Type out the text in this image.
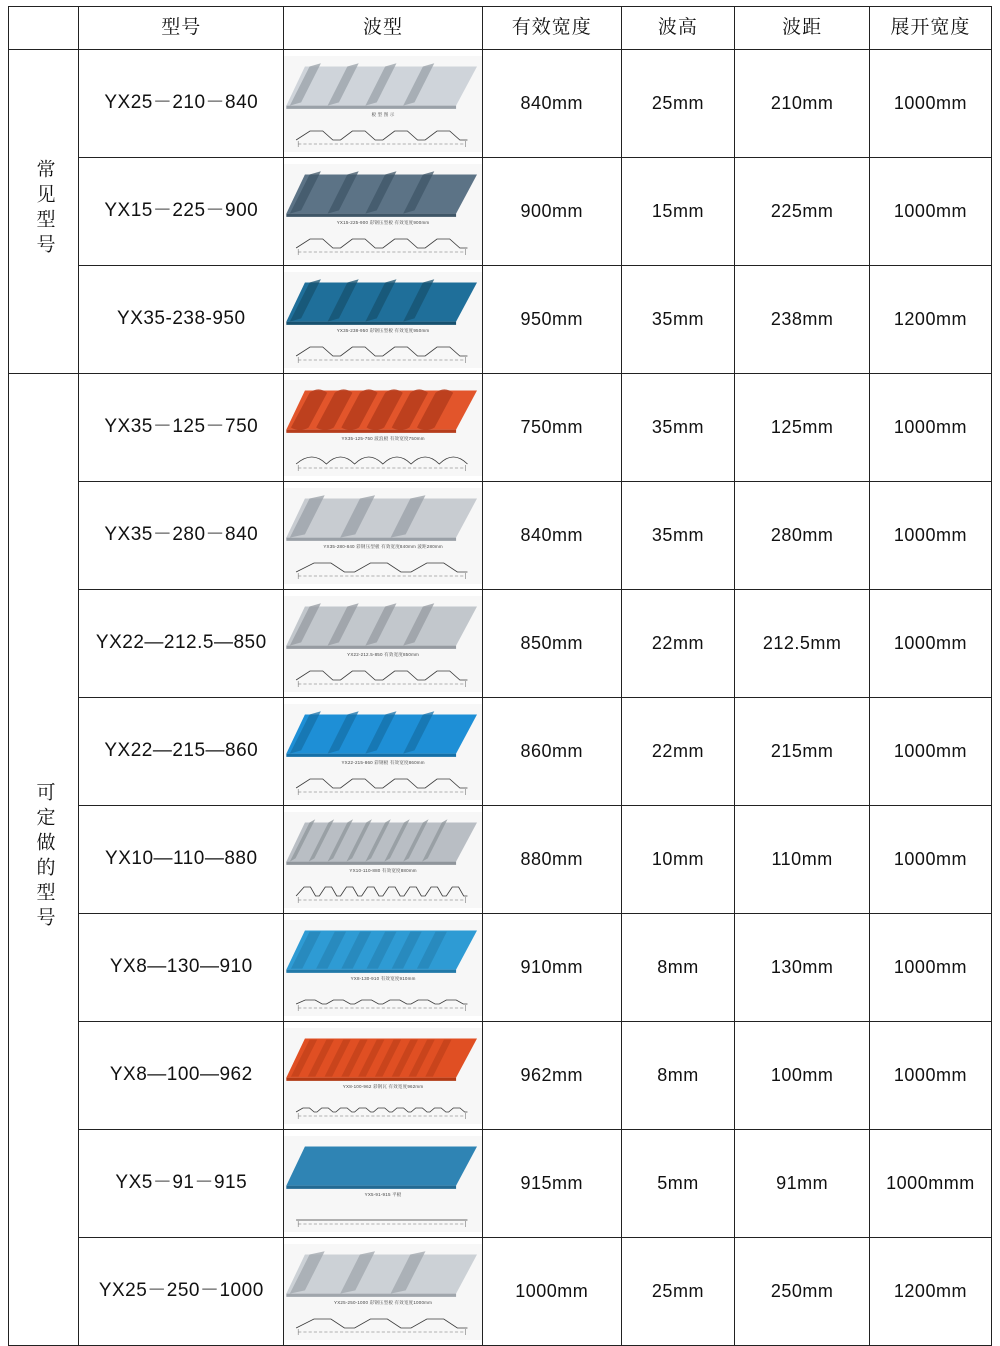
	型号	波型	有效宽度	波高	波距	展开宽度

常见型号	YX25－210－840	板 型 图 示	840mm	25mm	210mm	1000mm
	YX15－225－900	YX15-225-900 彩钢压型板 有效宽度900mm	900mm	15mm	225mm	1000mm
	YX35-238-950	YX35-238-950 彩钢压型板 有效宽度950mm	950mm	35mm	238mm	1200mm
可定做的型号	YX35－125－750	YX35-125-750 波浪板 有效宽度750mm	750mm	35mm	125mm	1000mm
	YX35－280－840	YX35-280-840 彩钢压型板 有效宽度840mm 波距280mm	840mm	35mm	280mm	1000mm
	YX22—212.5—850	YX22-212.5-850 有效宽度850mm	850mm	22mm	212.5mm	1000mm
	YX22—215—860	YX22-215-860 彩钢板 有效宽度860mm	860mm	22mm	215mm	1000mm
	YX10—110—880	YX10-110-880 有效宽度880mm	880mm	10mm	110mm	1000mm
	YX8—130—910	YX8-130-910 有效宽度910mm	910mm	8mm	130mm	1000mm
	YX8—100—962	YX8-100-962 彩钢瓦 有效宽度962mm	962mm	8mm	100mm	1000mm
	YX5－91－915	YX5-91-915 平板	915mm	5mm	91mm	1000mmm
	YX25－250－1000	YX25-250-1000 彩钢压型板 有效宽度1000mm	1000mm	25mm	250mm	1200mm
